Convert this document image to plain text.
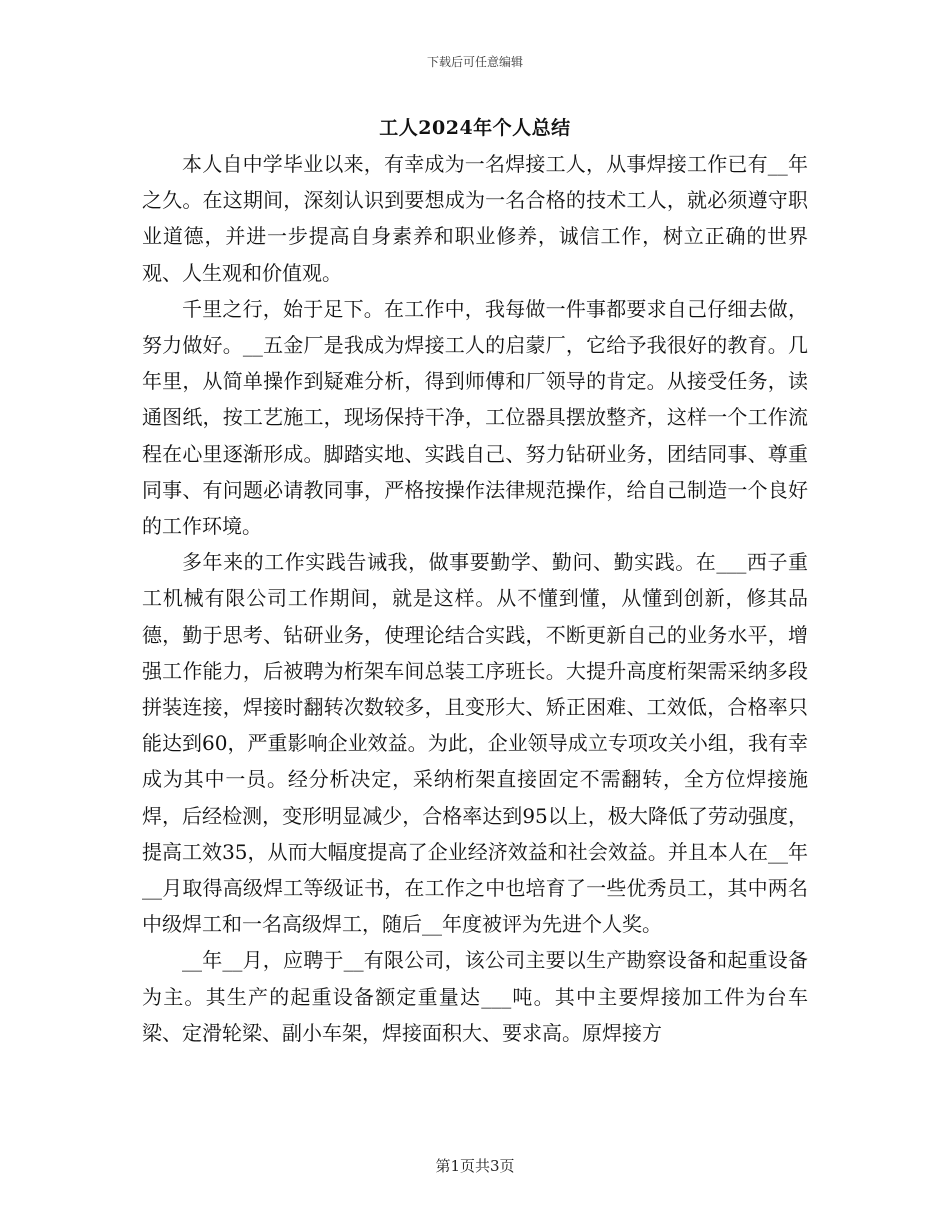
下载后可任意编辑
工人2024年个人总结

本人自中学毕业以来，有幸成为一名焊接工人，从事焊接工作已有__年之久。在这期间，深刻认识到要想成为一名合格的技术工人，就必须遵守职业道德，并进一步提高自身素养和职业修养，诚信工作，树立正确的世界观、人生观和价值观。

千里之行，始于足下。在工作中，我每做一件事都要求自己仔细去做，努力做好。__五金厂是我成为焊接工人的启蒙厂，它给予我很好的教育。几年里，从简单操作到疑难分析，得到师傅和厂领导的肯定。从接受任务，读通图纸，按工艺施工，现场保持干净，工位器具摆放整齐，这样一个工作流程在心里逐渐形成。脚踏实地、实践自己、努力钻研业务，团结同事、尊重同事、有问题必请教同事，严格按操作法律规范操作，给自己制造一个良好的工作环境。

多年来的工作实践告诫我，做事要勤学、勤问、勤实践。在___西子重工机械有限公司工作期间，就是这样。从不懂到懂，从懂到创新，修其品德，勤于思考、钻研业务，使理论结合实践，不断更新自己的业务水平，增强工作能力，后被聘为桁架车间总装工序班长。大提升高度桁架需采纳多段拼装连接，焊接时翻转次数较多，且变形大、矫正困难、工效低，合格率只能达到60，严重影响企业效益。为此，企业领导成立专项攻关小组，我有幸成为其中一员。经分析决定，采纳桁架直接固定不需翻转，全方位焊接施焊，后经检测，变形明显减少，合格率达到95以上，极大降低了劳动强度，提高工效35，从而大幅度提高了企业经济效益和社会效益。并且本人在__年__月取得高级焊工等级证书，在工作之中也培育了一些优秀员工，其中两名中级焊工和一名高级焊工，随后__年度被评为先进个人奖。

__年__月，应聘于__有限公司，该公司主要以生产勘察设备和起重设备为主。其生产的起重设备额定重量达___吨。其中主要焊接加工件为台车梁、定滑轮梁、副小车架，焊接面积大、要求高。原焊接方

第1页共3页
